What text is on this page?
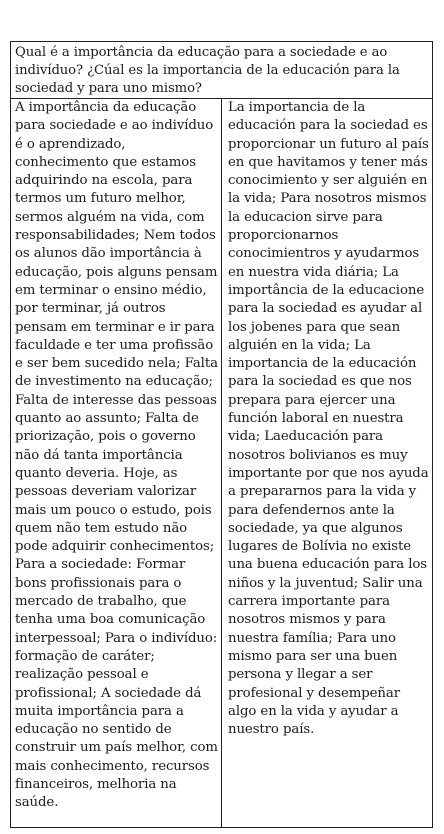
Qual é a importância da educação para a sociedade e ao indivíduo? ¿Cúal es la importancia de la educación para la sociedad y para uno mismo?

A importância da educação para sociedade e ao indivíduo é o aprendizado, conhecimento que estamos adquirindo na escola, para termos um futuro melhor, sermos alguém na vida, com responsabilidades; Nem todos os alunos dão importância à educação, pois alguns pensam em terminar o ensino médio, por terminar, já outros pensam em terminar e ir para faculdade e ter uma profissão e ser bem sucedido nela; Falta de investimento na educação; Falta de interesse das pessoas quanto ao assunto; Falta de priorização, pois o governo não dá tanta importância quanto deveria. Hoje, as pessoas deveriam valorizar mais um pouco o estudo, pois quem não tem estudo não pode adquirir conhecimentos; Para a sociedade: Formar bons profissionais para o mercado de trabalho, que tenha uma boa comunicação interpessoal; Para o indivíduo: formação de caráter; realização pessoal e profissional; A sociedade dá muita importância para a educação no sentido de construir um país melhor, com mais conhecimento, recursos financeiros, melhoria na saúde.

La importancia de la educación para la sociedad es proporcionar un futuro al país en que havitamos y tener más conocimiento y ser alguién en la vida; Para nosotros mismos la educacion sirve para proporcionarnos conocimientros y ayudarmos en nuestra vida diária; La importância de la educacione para la sociedad es ayudar al los jobenes para que sean alguién en la vida; La importancia de la educación para la sociedad es que nos prepara para ejercer una función laboral en nuestra vida; Laeducación para nosotros bolivianos es muy importante por que nos ayuda a prepararnos para la vida y para defendernos ante la sociedade, ya que algunos lugares de Bolívia no existe una buena educación para los niños y la juventud; Salir una carrera importante para nosotros mismos y para nuestra família; Para uno mismo para ser una buen persona y llegar a ser profesional y desempeñar algo en la vida y ayudar a nuestro país.
